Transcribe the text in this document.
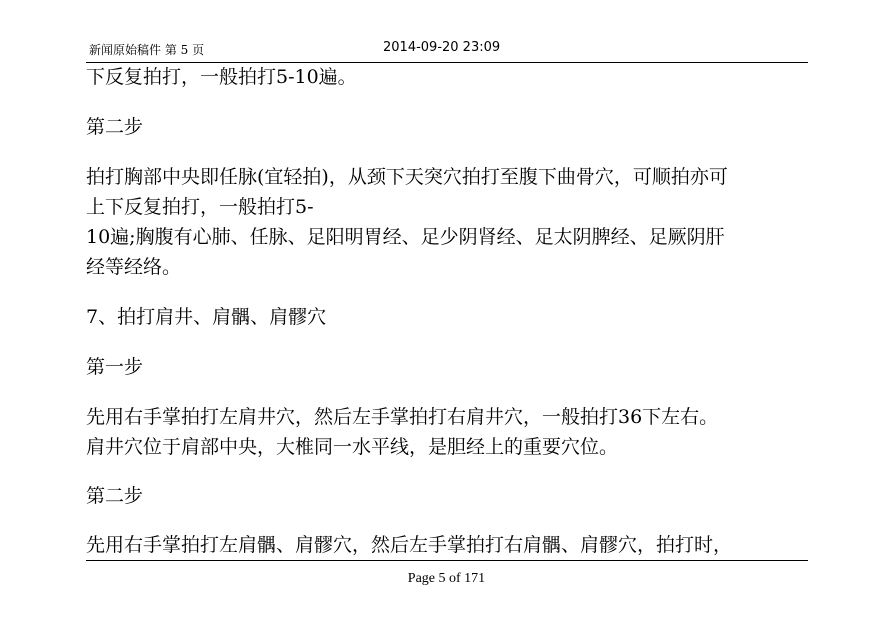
新闻原始稿件 第 5 页	2014-09-20 23:09

下反复拍打，一般拍打5-10遍。

第二步

拍打胸部中央即任脉(宜轻拍)，从颈下天突穴拍打至腹下曲骨穴，可顺拍亦可

上下反复拍打，一般拍打5-

10遍;胸腹有心肺、任脉、足阳明胃经、足少阴肾经、足太阴脾经、足厥阴肝

经等经络。

7、拍打肩井、肩髃、肩髎穴

第一步

先用右手掌拍打左肩井穴，然后左手掌拍打右肩井穴，一般拍打36下左右。

肩井穴位于肩部中央，大椎同一水平线，是胆经上的重要穴位。

第二步

先用右手掌拍打左肩髃、肩髎穴，然后左手掌拍打右肩髃、肩髎穴，拍打时，

Page 5 of 171
